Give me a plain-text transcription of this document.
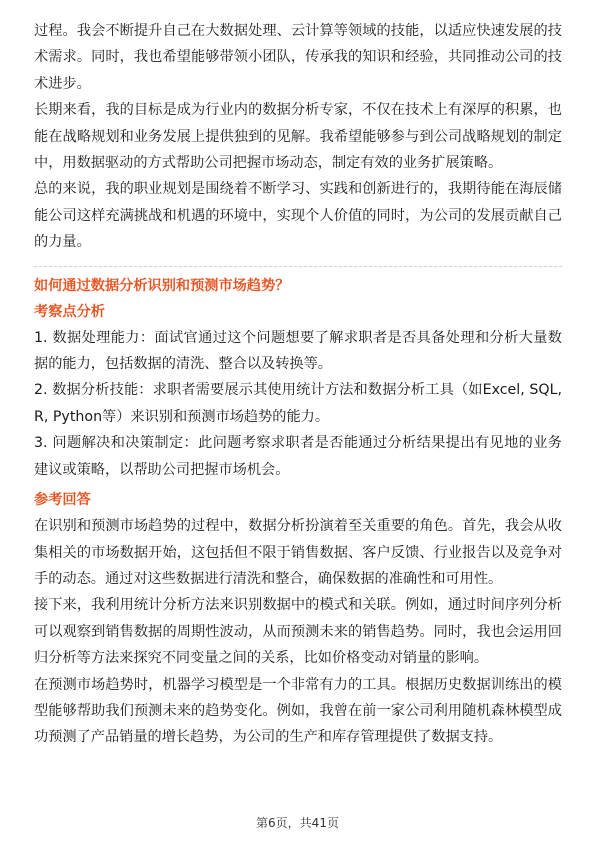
过程。我会不断提升自己在大数据处理、云计算等领域的技能，以适应快速发展的技术需求。同时，我也希望能够带领小团队，传承我的知识和经验，共同推动公司的技术进步。

长期来看，我的目标是成为行业内的数据分析专家，不仅在技术上有深厚的积累，也能在战略规划和业务发展上提供独到的见解。我希望能够参与到公司战略规划的制定中，用数据驱动的方式帮助公司把握市场动态，制定有效的业务扩展策略。

总的来说，我的职业规划是围绕着不断学习、实践和创新进行的，我期待能在海辰储能公司这样充满挑战和机遇的环境中，实现个人价值的同时，为公司的发展贡献自己的力量。

如何通过数据分析识别和预测市场趋势？
考察点分析

1. 数据处理能力：面试官通过这个问题想要了解求职者是否具备处理和分析大量数据的能力，包括数据的清洗、整合以及转换等。

2. 数据分析技能：求职者需要展示其使用统计方法和数据分析工具（如Excel, SQL, R, Python等）来识别和预测市场趋势的能力。

3. 问题解决和决策制定：此问题考察求职者是否能通过分析结果提出有见地的业务建议或策略，以帮助公司把握市场机会。

参考回答

在识别和预测市场趋势的过程中，数据分析扮演着至关重要的角色。首先，我会从收集相关的市场数据开始，这包括但不限于销售数据、客户反馈、行业报告以及竞争对手的动态。通过对这些数据进行清洗和整合，确保数据的准确性和可用性。

接下来，我利用统计分析方法来识别数据中的模式和关联。例如，通过时间序列分析可以观察到销售数据的周期性波动，从而预测未来的销售趋势。同时，我也会运用回归分析等方法来探究不同变量之间的关系，比如价格变动对销量的影响。

在预测市场趋势时，机器学习模型是一个非常有力的工具。根据历史数据训练出的模型能够帮助我们预测未来的趋势变化。例如，我曾在前一家公司利用随机森林模型成功预测了产品销量的增长趋势，为公司的生产和库存管理提供了数据支持。

第6页，共41页
